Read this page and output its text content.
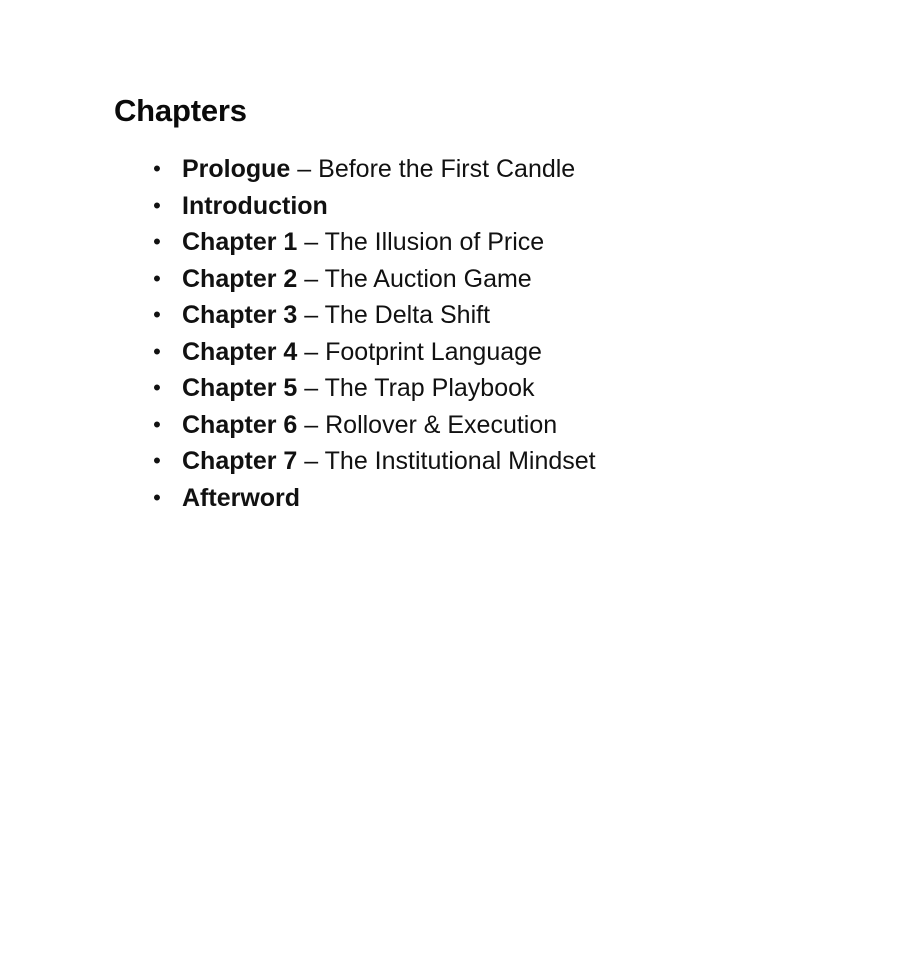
Chapters
• Prologue – Before the First Candle
• Introduction
• Chapter 1 – The Illusion of Price
• Chapter 2 – The Auction Game
• Chapter 3 – The Delta Shift
• Chapter 4 – Footprint Language
• Chapter 5 – The Trap Playbook
• Chapter 6 – Rollover & Execution
• Chapter 7 – The Institutional Mindset
• Afterword
